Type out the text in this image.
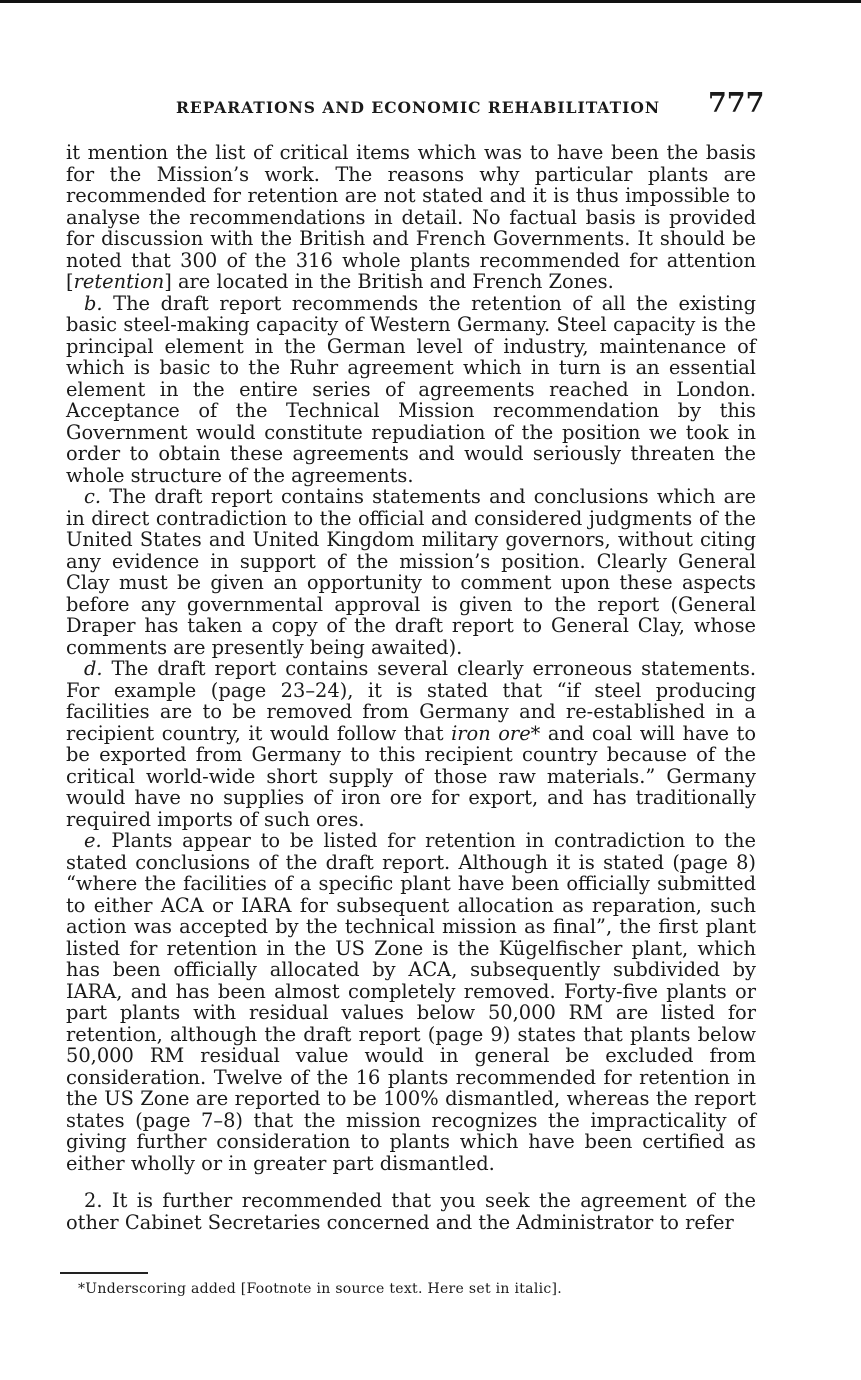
REPARATIONS AND ECONOMIC REHABILITATION 777

it mention the list of critical items which was to have been the basis for the Mission’s work. The reasons why particular plants are recommended for retention are not stated and it is thus impossible to analyse the recommendations in detail. No factual basis is provided for discussion with the British and French Governments. It should be noted that 300 of the 316 whole plants recommended for attention [retention] are located in the British and French Zones.

b. The draft report recommends the retention of all the existing basic steel-making capacity of Western Germany. Steel capacity is the principal element in the German level of industry, maintenance of which is basic to the Ruhr agreement which in turn is an essential element in the entire series of agreements reached in London. Acceptance of the Technical Mission recommendation by this Government would constitute repudiation of the position we took in order to obtain these agreements and would seriously threaten the whole structure of the agreements.

c. The draft report contains statements and conclusions which are in direct contradiction to the official and considered judgments of the United States and United Kingdom military governors, without citing any evidence in support of the mission’s position. Clearly General Clay must be given an opportunity to comment upon these aspects before any governmental approval is given to the report (General Draper has taken a copy of the draft report to General Clay, whose comments are presently being awaited).

d. The draft report contains several clearly erroneous statements. For example (page 23–24), it is stated that “if steel producing facilities are to be removed from Germany and re-established in a recipient country, it would follow that iron ore* and coal will have to be exported from Germany to this recipient country because of the critical world-wide short supply of those raw materials.” Germany would have no supplies of iron ore for export, and has traditionally required imports of such ores.

e. Plants appear to be listed for retention in contradiction to the stated conclusions of the draft report. Although it is stated (page 8) “where the facilities of a specific plant have been officially submitted to either ACA or IARA for subsequent allocation as reparation, such action was accepted by the technical mission as final”, the first plant listed for retention in the US Zone is the Kügelfischer plant, which has been officially allocated by ACA, subsequently subdivided by IARA, and has been almost completely removed. Forty-five plants or part plants with residual values below 50,000 RM are listed for retention, although the draft report (page 9) states that plants below 50,000 RM residual value would in general be excluded from consideration. Twelve of the 16 plants recommended for retention in the US Zone are reported to be 100% dismantled, whereas the report states (page 7–8) that the mission recognizes the impracticality of giving further consideration to plants which have been certified as either wholly or in greater part dismantled.

2. It is further recommended that you seek the agreement of the other Cabinet Secretaries concerned and the Administrator to refer

*Underscoring added [Footnote in source text. Here set in italic].
